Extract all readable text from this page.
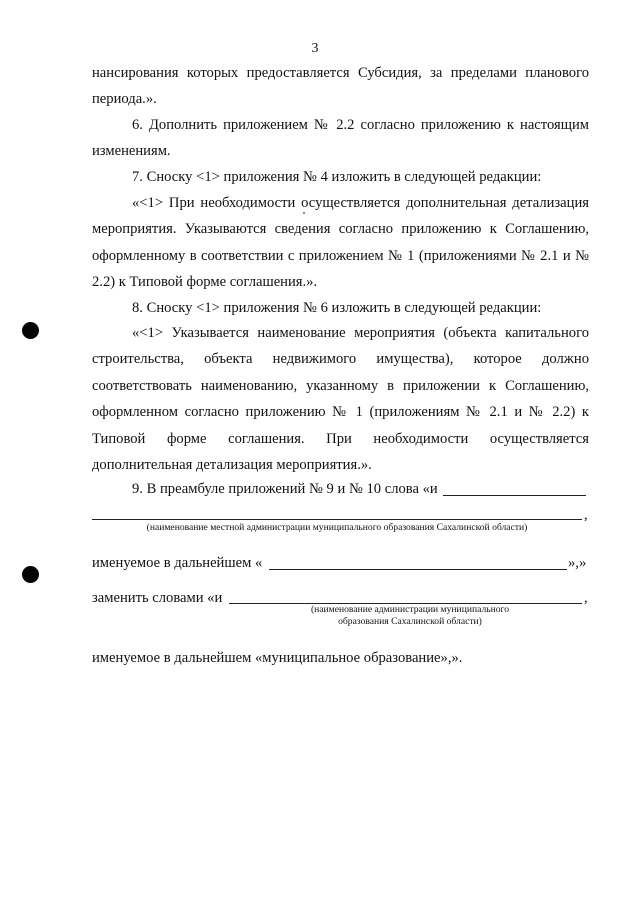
3

нансирования которых предоставляется Субсидия, за пределами планового периода.».

6. Дополнить приложением № 2.2 согласно приложению к настоящим изменениям.

7. Сноску <1> приложения № 4 изложить в следующей редакции:

«<1> При необходимости осуществляется дополнительная детализация мероприятия. Указываются сведения согласно приложению к Соглашению, оформленному в соответствии с приложением № 1 (приложениями № 2.1 и № 2.2) к Типовой форме соглашения.».

8. Сноску <1> приложения № 6 изложить в следующей редакции:

«<1> Указывается наименование мероприятия (объекта капитального строительства, объекта недвижимого имущества), которое должно соответствовать наименованию, указанному в приложении к Соглашению, оформленном согласно приложению № 1 (приложениям № 2.1 и № 2.2) к Типовой форме соглашения. При необходимости осуществляется дополнительная детализация мероприятия.».

9. В преамбуле приложений № 9 и № 10 слова «и
,
(наименование местной администрации муниципального образования Сахалинской области)
именуемое в дальнейшем «	»,»
заменить словами «и	,
(наименование администрации муниципального
образования Сахалинской области)
именуемое в дальнейшем «муниципальное образование»,».
